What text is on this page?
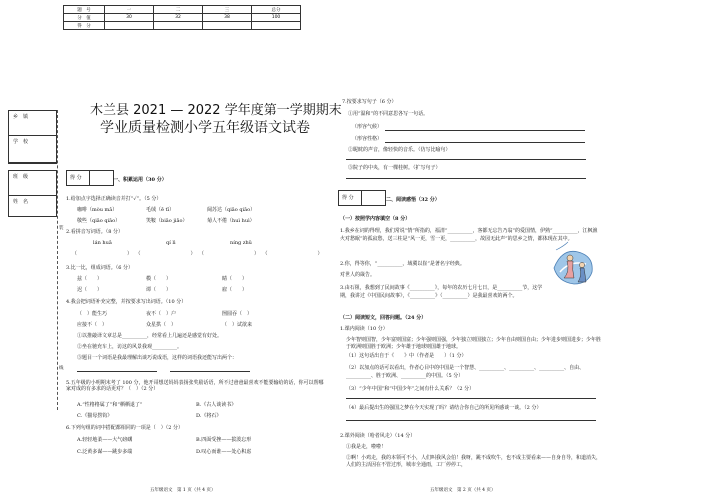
题　号	一	二	三	总分
分　值	30	32	38	100
得　分				
乡　镇
学　校
班　级
姓　名
装
线
木兰县 2021 — 2022 学年度第一学期期末
学业质量检测小学五年级语文试卷
得 分	一、积累运用（30 分）
1.给加点字选择正确读音并打“✓”。（5 分）
咖啡（mòu mǎ）	毛绒（ē tī）	阔苏达（qiāo qiāo）
敬些（qiāo qiāo）	笑鞍（biāo jiāo）	菊人不倦（huì huì）
2.看拼音写词语。（8 分）
lán huā	qí lì	níng zhǔ
（　　　　）（　　　　）（　　　　）（　　　　）
3.比一比，组成词语。（6 分）
兹（　　）	模（　　）	睛（　　）
迟（　　）	谭（　　）	雇（　　）
4.我会把词语补充完整，并按要求写出词语。（10 分）
（　）能生巧	夜不（　）户	囫圆吞（　）
应接不（　）	众星拱（　）	（　）试欲来
①以推敲译文章总是__________，经常看上几遍还是感觉有好处。
②坐在驰充车上，访这的风景我观__________。
③题目一个词语是我最理解出谈巧说成语，这样的词语我还能写出两个：
5.五年级的小明期末考了 100 分，他开哥想送妈妈表扬张奖励话语，所不过爸爸最喜欢不能要输给的话，你可以帮哪家对成的有多求的话更对？（　）（2 分）
A.“性格格属了”和“栖栖退了”	B.《古人谈读书》
C.《猫母捞钩》	D.《将石》
6.下列句组的词中搭配都相同的一项是（　）（2 分）
A.轻轻地柔——大气磅礴	B.四面受挫——拔泼忘形
C.泛黄多谋——跳步多端	D.叹心而谁——处心积虑
五年级语文　第 1 页（共 4 页）
7.按要求写句子（6 分）
①用“温和”的不同意思各写一句话。
（形容气候）
（形容性格）
②昵眈的声音，像轻快的音乐。（仿写比喻句）
③院子的中央，有一棵桂树。（扩写句子）
得 分	二、阅读感悟（32 分）
（一）按照学内容填空（8 分）
1.我乡在词的得理，我们常说“情”所指的，福清“__________，客都无忘告乃翁”的爱国情，伊熟“__________，江枫渔火对愁眠”的孤寂愁，送三柱是“风一更，雪一更，__________，故园无此声”的思乡之情，都体现在其中。
2.你，得等你，“__________，域冀以崔”是著名宇经典。
对世人的箴告。
3.由石阻，我想到了民间故事《__________》，每年的农历七月七日，是__________节，这学期，我讲过《中国民间故事》，《__________》（__________）是我最喜欢的两个。
（二）阅读短文，回答问题。（24 分）
1.课内阅读（10 分）
少年智则国智，少年富则国富；少年强则国强，少年独立则国独立；少年自由则国自由；少年进步则国进步；少年胜于欧洲则国胜于欧洲；少年雄于地球则国雄于地球。
（1）这句话出自于《　　》中（作者是　　）（1 分）
（2）以加点的话可以看出，作者心目中的中国是一个智慧、__________、__________、__________、自由、__________、胜于欧洲、__________的中国。（5 分）
（3）“少年中国”和“中国少年”之间有什么关系？（2 分）
（4）最后提出生的强国之梦在今天实现了吗？请结合你自己的所见所感谈一谈。（2 分）
2.课外阅读（哈者风走）（14 分）
①我是走，啦啦！
②啊！小鸡走，我的本领可不小，人们叫我风会伯！我呀，跳不成吹牛，也不成主要看来——自身自导，和道消失，人们的主活因在不管过形，城市全通雨，工厂停停工，
五年级语文　第 2 页（共 4 页）
